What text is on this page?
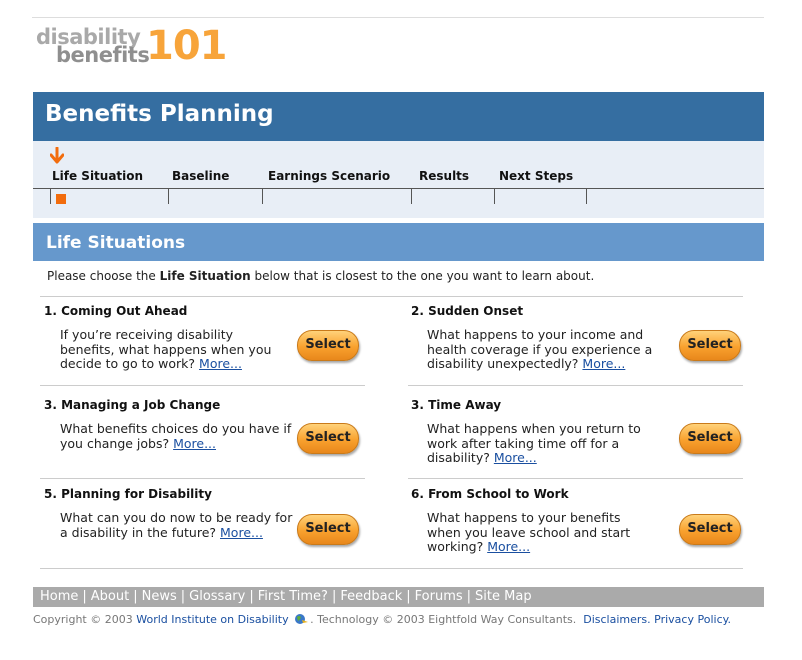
disability
benefits
101
Benefits Planning
Life Situation Baseline	Earnings Scenario Results Next Steps
Life Situations
Please choose the Life Situation below that is closest to the one you want to learn about.
1. Coming Out Ahead
If you’re receiving disability benefits, what happens when you decide to go to work? More...
Select
2. Sudden Onset
What happens to your income and health coverage if you experience a disability unexpectedly? More...
Select
3. Managing a Job Change
What benefits choices do you have if you change jobs? More...	Select
3. Time Away
What happens when you return to work after taking time off for a disability? More...
Select
5. Planning for Disability
What can you do now to be ready for a disability in the future? More...	Select
6. From School to Work
What happens to your benefits when you leave school and start working? More...
Select
Home | About | News | Glossary | First Time? | Feedback | Forums | Site Map
Copyright © 2003 World Institute on Disability . Technology © 2003 Eightfold Way Consultants. Disclaimers. Privacy Policy.
